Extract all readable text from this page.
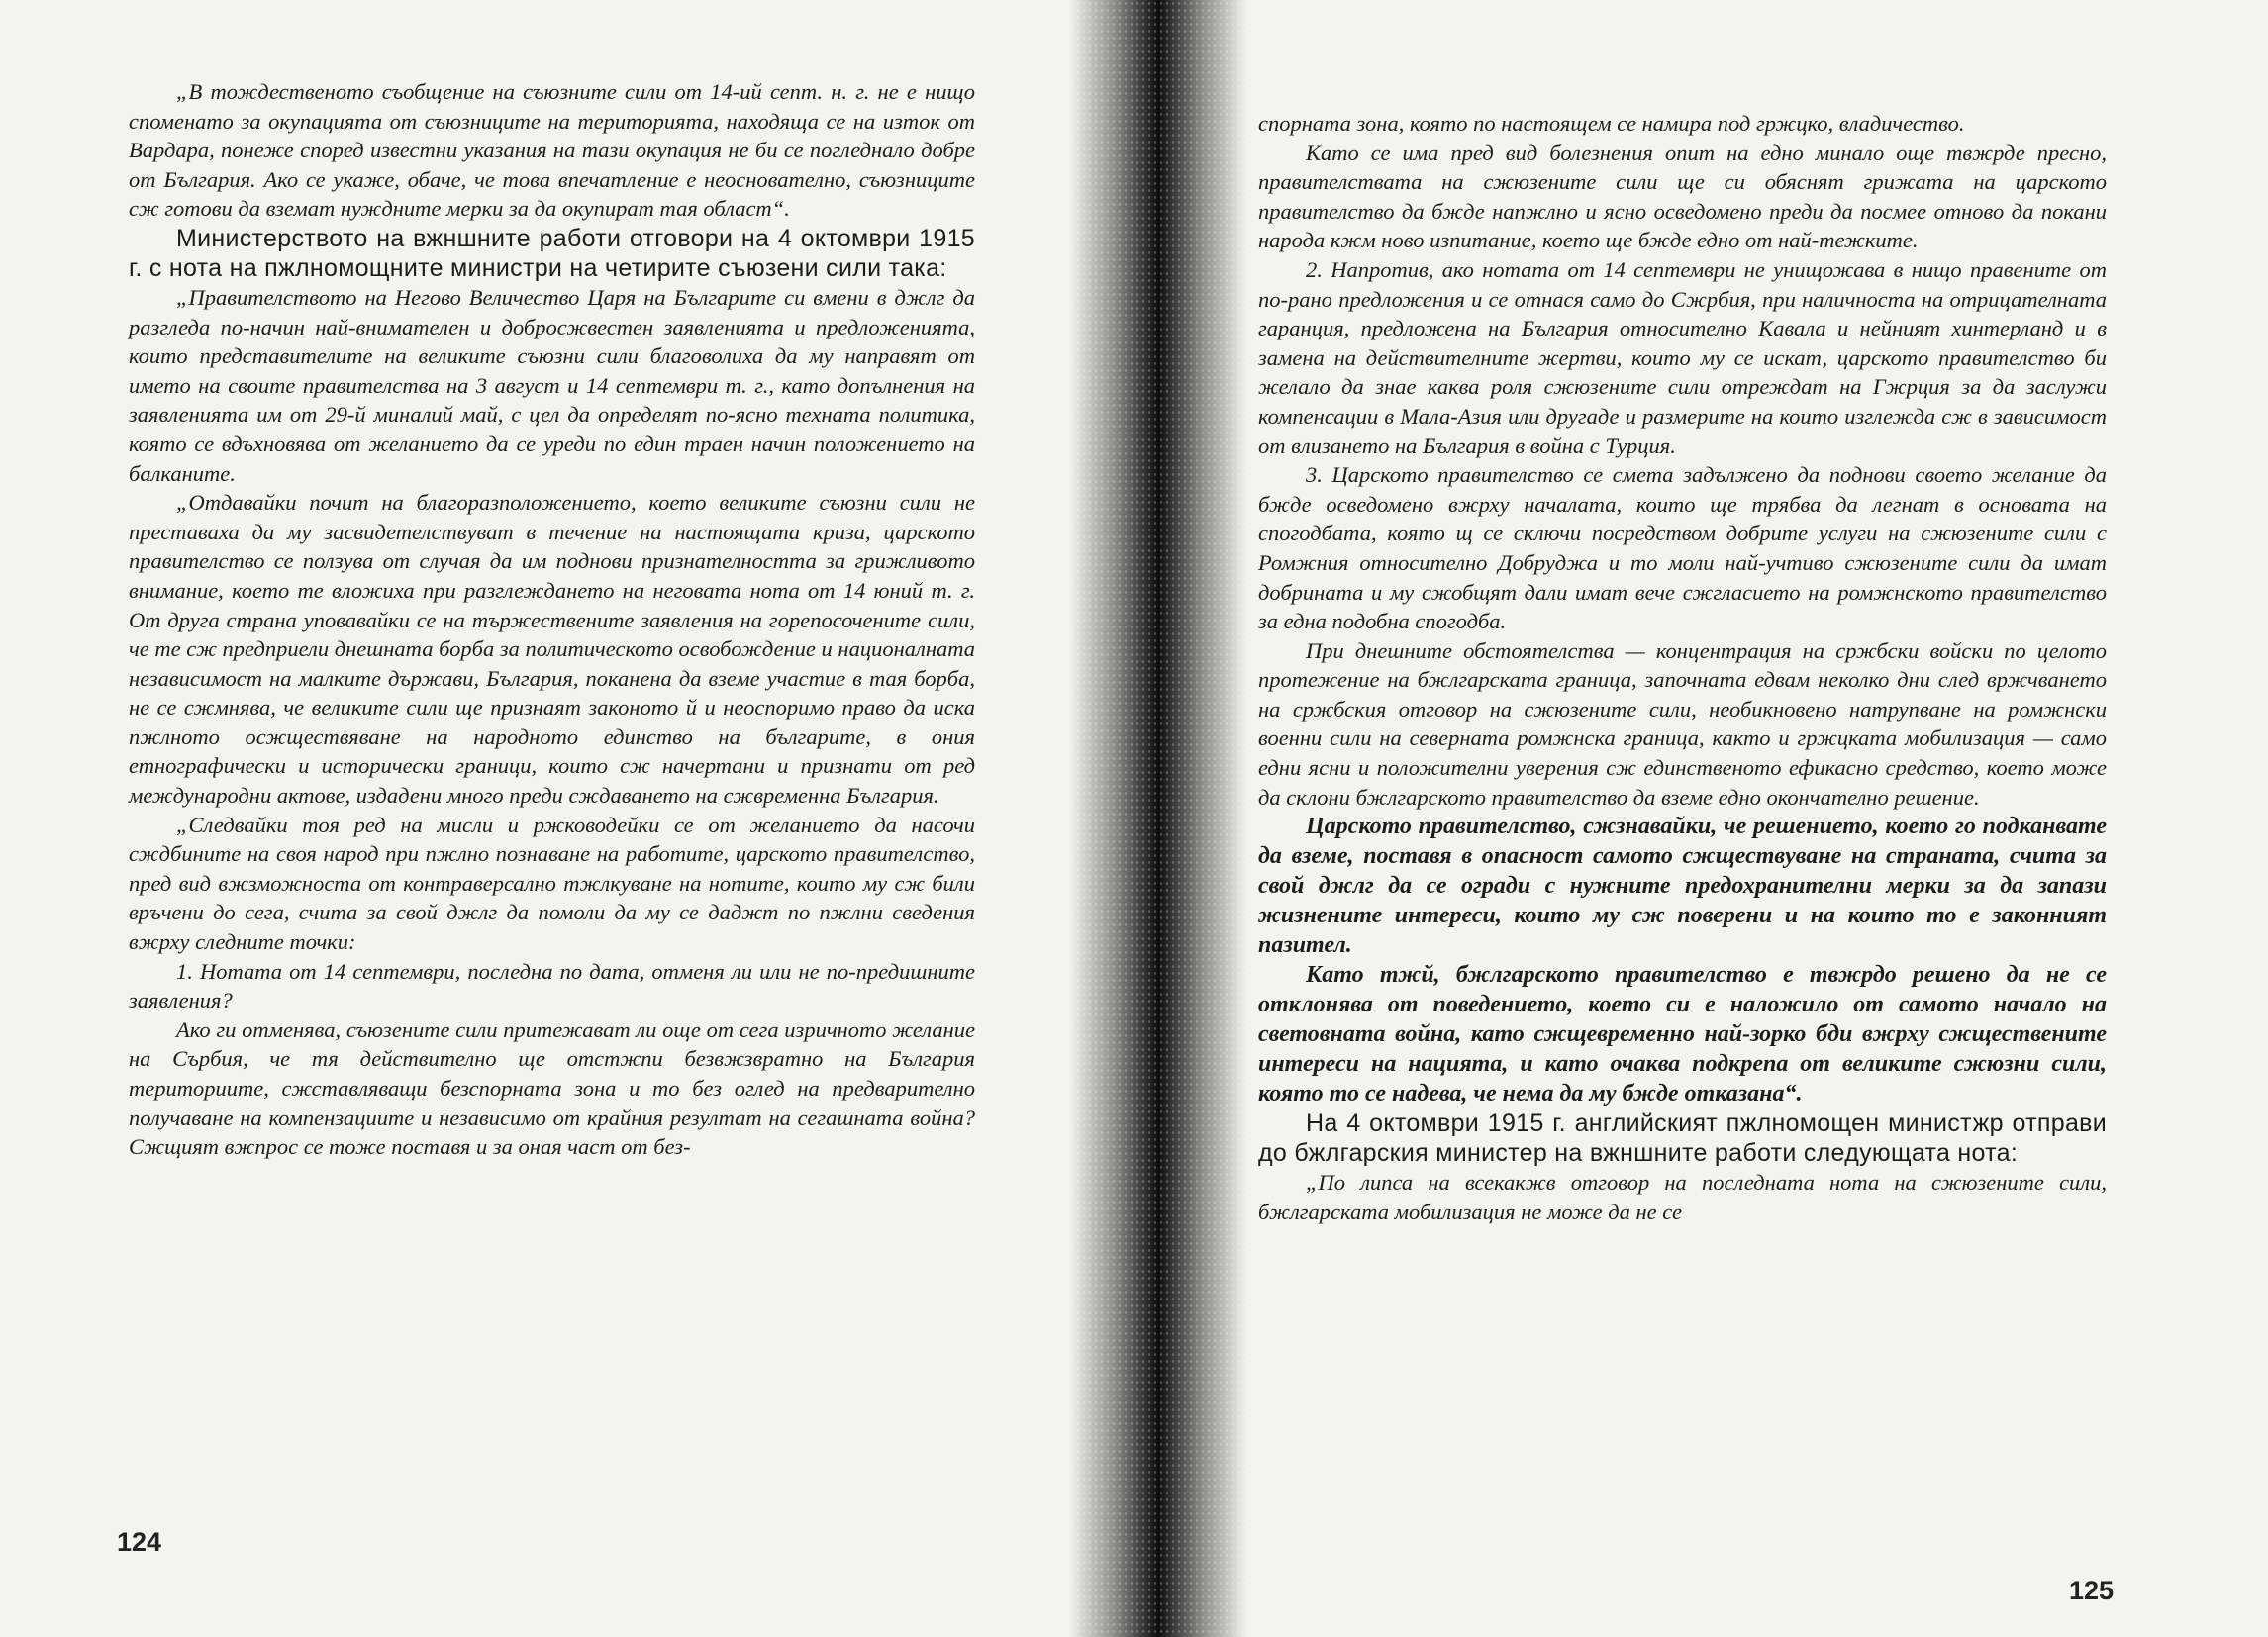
„В тождественото съобщение на съюзните сили от 14-ий септ. н. г. не е нищо споменато за окупацията от съюзниците на територията, находяща се на изток от Вардара, понеже според известни указания на тази окупация не би се погледнало добре от България. Ако се укаже, обаче, че това впечатление е неоснователно, съюзниците сж готови да вземат нуждните мерки за да окупират тая област“.

Министерството на вжншните работи отговори на 4 октомври 1915 г. с нота на пжлномощните министри на четирите съюзени сили така:

„Правителството на Негово Величество Царя на Българите си вмени в джлг да разгледа по-начин най-внимателен и добросжвестен заявленията и предложенията, които представителите на великите съюзни сили благоволиха да му направят от името на своите правителства на 3 август и 14 септември т. г., като допълнения на заявленията им от 29-й миналий май, с цел да определят по-ясно техната политика, която се вдъхновява от желанието да се уреди по един траен начин положението на балканите.

„Отдавайки почит на благоразположението, което великите съюзни сили не преставаха да му засвидетелствуват в течение на настоящата криза, царското правителство се ползува от случая да им поднови признателността за грижливото внимание, което те вложиха при разглеждането на неговата нота от 14 юний т. г. От друга страна уповавайки се на тържествените заявления на горепосочените сили, че те сж предприели днешната борба за политическото освобождение и националната независимост на малките държави, България, поканена да вземе участие в тая борба, не се сжмнява, че великите сили ще признаят законото й и неоспоримо право да иска пжлното осжществяване на народното единство на българите, в ония етнографически и исторически граници, които сж начертани и признати от ред международни актове, издадени много преди сждаването на сжвременна България.

„Следвайки тоя ред на мисли и ржководейки се от желанието да насочи сждбините на своя народ при пжлно познаване на работите, царското правителство, пред вид вжзможноста от контраверсално тжлкуване на нотите, които му сж били връчени до сега, счита за свой джлг да помоли да му се даджт по пжлни сведения вжрху следните точки:

1. Нотата от 14 септември, последна по дата, отменя ли или не по-предишните заявления?

Ако ги отменява, съюзените сили притежават ли още от сега изричното желание на Сърбия, че тя действително ще отстжпи безвжзвратно на България териториите, сжставляващи безспорната зона и то без оглед на предварително получаване на компензациите и независимо от крайния резултат на сегашната война? Сжщият вжпрос се тоже поставя и за оная част от без-

124

спорната зона, която по настоящем се намира под гржцко, владичество.

Като се има пред вид болезнения опит на едно минало още твжрде пресно, правителствата на сжюзените сили ще си обяснят грижата на царското правителство да бжде напжлно и ясно осведомено преди да посмее отново да покани народа кжм ново изпитание, което ще бжде едно от най-тежките.

2. Напротив, ако нотата от 14 септември не унищожава в нищо правените от по-рано предложения и се отнася само до Сжрбия, при наличноста на отрицателната гаранция, предложена на България относително Кавала и нейният хинтерланд и в замена на действителните жертви, които му се искат, царското правителство би желало да знае каква роля сжюзените сили отреждат на Гжрция за да заслужи компенсации в Мала-Азия или другаде и размерите на които изглежда сж в зависимост от влизането на България в война с Турция.

3. Царското правителство се смета задължено да поднови своето желание да бжде осведомено вжрху началата, които ще трябва да легнат в основата на спогодбата, която щ се сключи посредством добрите услуги на сжюзените сили с Ромжния относително Добруджа и то моли най-учтиво сжюзените сили да имат добрината и му сжобщят дали имат вече сжгласието на ромжнското правителство за една подобна спогодба.

При днешните обстоятелства — концентрация на сржбски войски по целото протежение на бжлгарската граница, започната едвам неколко дни след вржчването на сржбския отговор на сжюзените сили, необикновено натрупване на ромжнски военни сили на северната ромжнска граница, както и гржцката мобилизация — само едни ясни и положителни уверения сж единственото ефикасно средство, което може да склони бжлгарското правителство да вземе едно окончателно решение.

Царското правителство, сжзнавайки, че решението, което го подканвате да вземе, поставя в опасност самото сжществуване на страната, счита за свой джлг да се огради с нужните предохранителни мерки за да запази жизнените интереси, които му сж поверени и на които то е законният пазител.

Като тжй, бжлгарското правителство е твжрдо решено да не се отклонява от поведението, което си е наложило от самото начало на световната война, като сжщевременно най-зорко бди вжрху сжществените интереси на нацията, и като очаква подкрепа от великите сжюзни сили, която то се надева, че нема да му бжде отказана“.

На 4 октомври 1915 г. английският пжлномощен министжр отправи до бжлгарския министер на вжншните работи следующата нота:

„По липса на всекакжв отговор на последната нота на сжюзените сили, бжлгарската мобилизация не може да не се

125
